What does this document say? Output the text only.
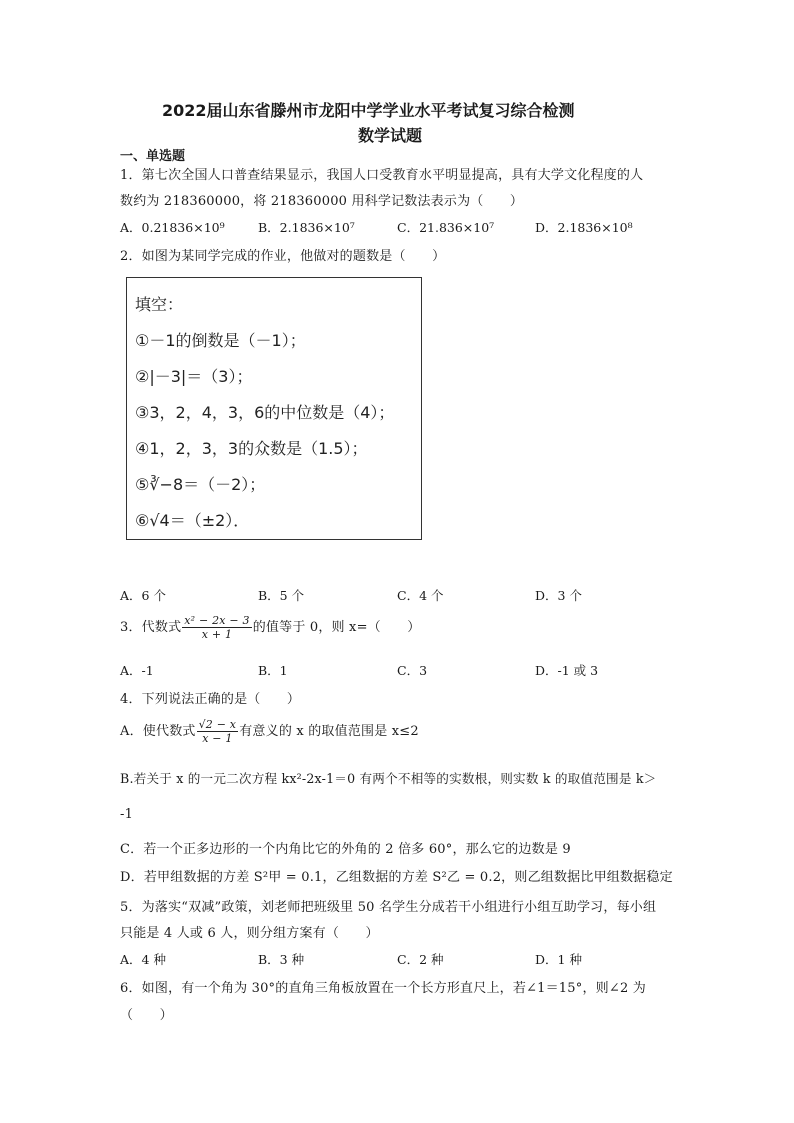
2022届山东省滕州市龙阳中学学业水平考试复习综合检测
数学试题
一、单选题
1．第七次全国人口普查结果显示，我国人口受教育水平明显提高，具有大学文化程度的人
数约为 218360000，将 218360000 用科学记数法表示为（　　）
A．0.21836×10⁹	B．2.1836×10⁷	C．21.836×10⁷	D．2.1836×10⁸
2．如图为某同学完成的作业，他做对的题数是（　　）
填空：
①－1的倒数是（－1）；
②|－3|＝（3）；
③3，2，4，3，6的中位数是（4）；
④1，2，3，3的众数是（1.5）；
⑤∛−8＝（－2）；
⑥√4＝（±2）．
A．6 个	B．5 个	C．4 个	D．3 个
3．代数式 $\frac{\text{x² − 2x − 3}}{x + 1}$ 的值等于 0，则 x=（　　）
A．-1	B．1	C．3	D．-1 或 3
4．下列说法正确的是（　　）
A．使代数式 $\frac{√2 - x}{x - 1}$ 有意义的 x 的取值范围是 x≤2
B.若关于 x 的一元二次方程 kx²-2x-1＝0 有两个不相等的实数根，则实数 k 的取值范围是 k＞
-1
C．若一个正多边形的一个内角比它的外角的 2 倍多 60°，那么它的边数是 9
D．若甲组数据的方差 S²甲 = 0.1，乙组数据的方差 S²乙 = 0.2，则乙组数据比甲组数据稳定
5．为落实“双减”政策，刘老师把班级里 50 名学生分成若干小组进行小组互助学习，每小组
只能是 4 人或 6 人，则分组方案有（　　）
A．4 种	B．3 种	C．2 种	D．1 种
6．如图，有一个角为 30°的直角三角板放置在一个长方形直尺上，若∠1＝15°，则∠2 为
（　　）
